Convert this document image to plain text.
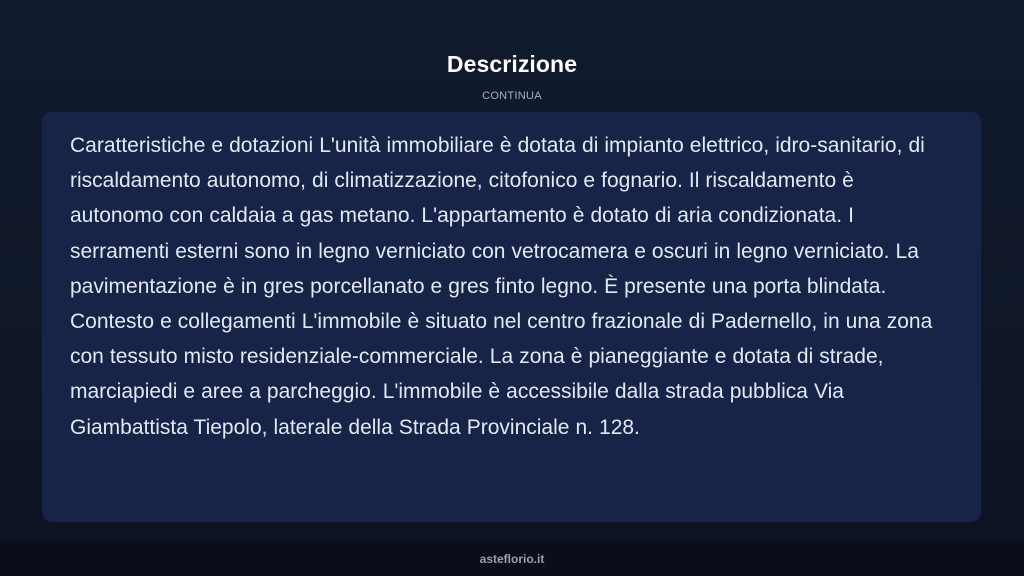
Descrizione
CONTINUA

Caratteristiche e dotazioni L'unità immobiliare è dotata di impianto elettrico, idro-sanitario, di riscaldamento autonomo, di climatizzazione, citofonico e fognario. Il riscaldamento è autonomo con caldaia a gas metano. L'appartamento è dotato di aria condizionata. I serramenti esterni sono in legno verniciato con vetrocamera e oscuri in legno verniciato. La pavimentazione è in gres porcellanato e gres finto legno. È presente una porta blindata. Contesto e collegamenti L'immobile è situato nel centro frazionale di Padernello, in una zona con tessuto misto residenziale-commerciale. La zona è pianeggiante e dotata di strade, marciapiedi e aree a parcheggio. L'immobile è accessibile dalla strada pubblica Via Giambattista Tiepolo, laterale della Strada Provinciale n. 128.

asteflorio.it
